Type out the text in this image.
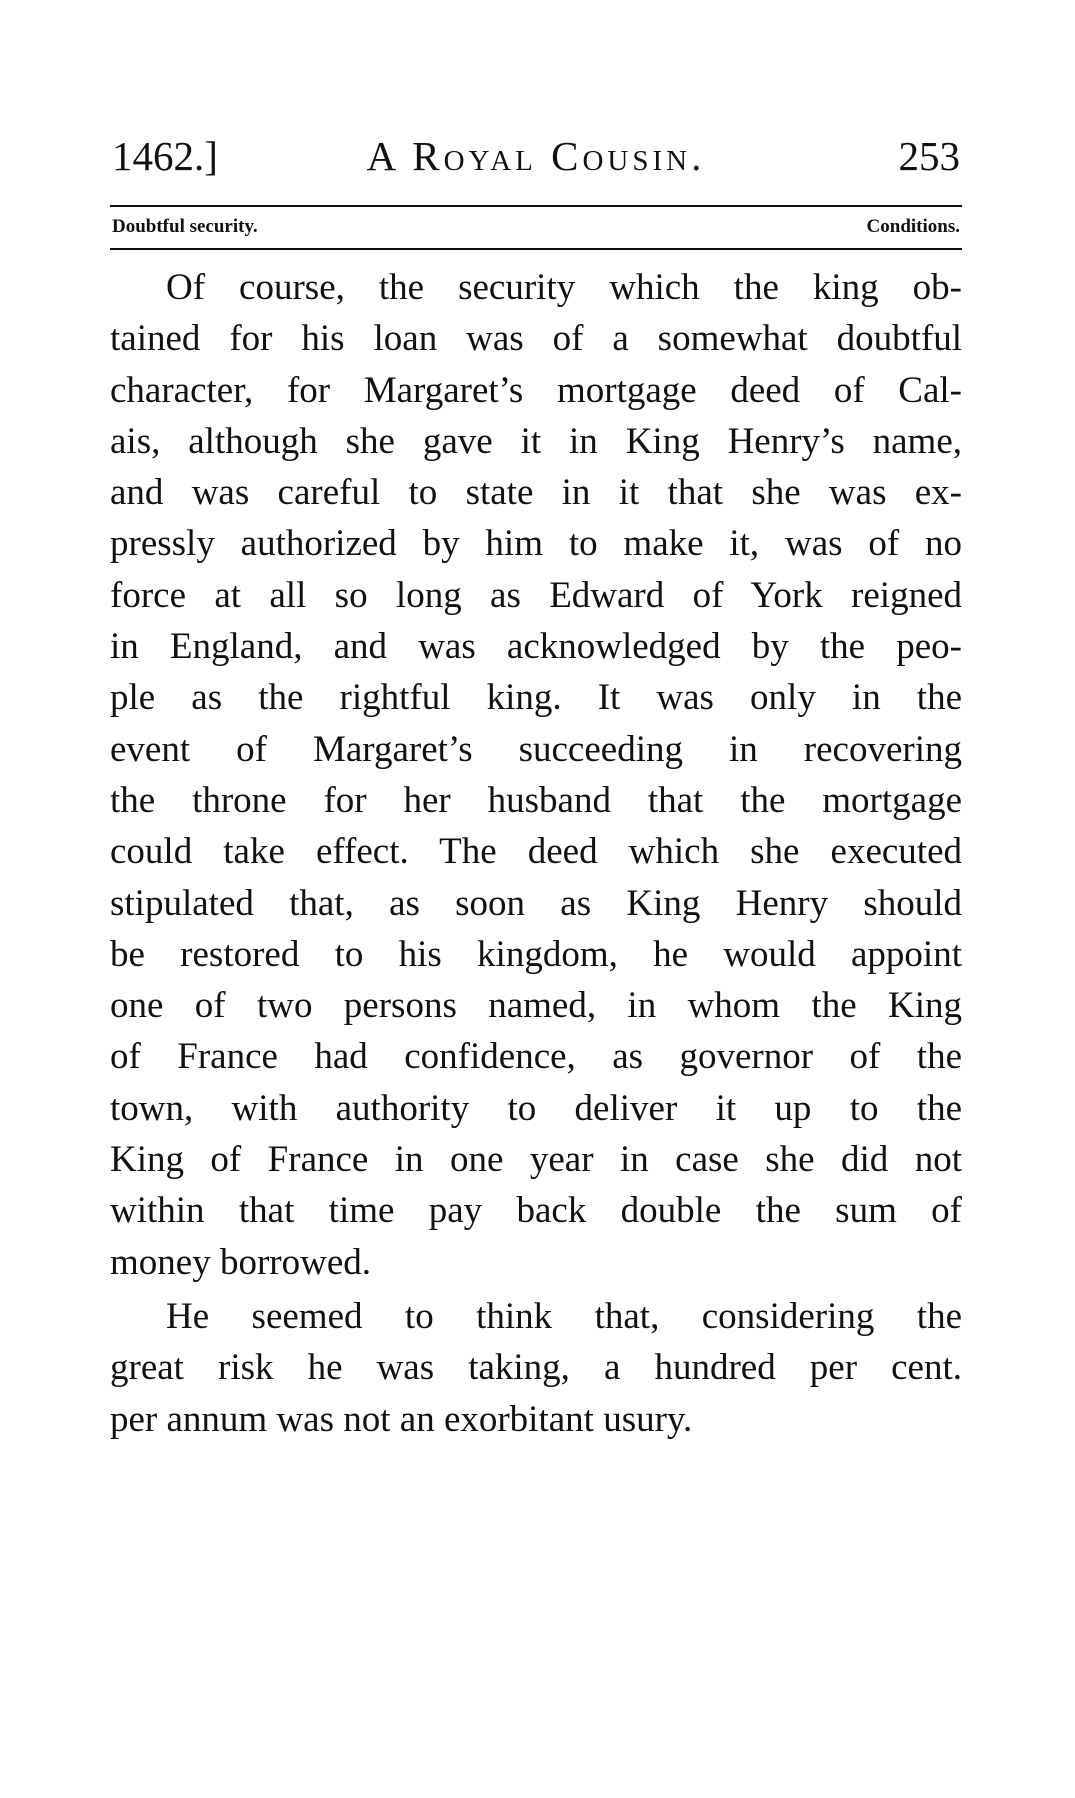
1462.]	A Royal Cousin.	253
Doubtful security.	Conditions.
Of course, the security which the king ob-
tained for his loan was of a somewhat doubtful
character, for Margaret’s mortgage deed of Cal-
ais, although she gave it in King Henry’s name,
and was careful to state in it that she was ex-
pressly authorized by him to make it, was of no
force at all so long as Edward of York reigned
in England, and was acknowledged by the peo-
ple as the rightful king. It was only in the
event of Margaret’s succeeding in recovering
the throne for her husband that the mortgage
could take effect. The deed which she executed
stipulated that, as soon as King Henry should
be restored to his kingdom, he would appoint
one of two persons named, in whom the King
of France had confidence, as governor of the
town, with authority to deliver it up to the
King of France in one year in case she did not
within that time pay back double the sum of
money borrowed.
He seemed to think that, considering the
great risk he was taking, a hundred per cent.
per annum was not an exorbitant usury.
